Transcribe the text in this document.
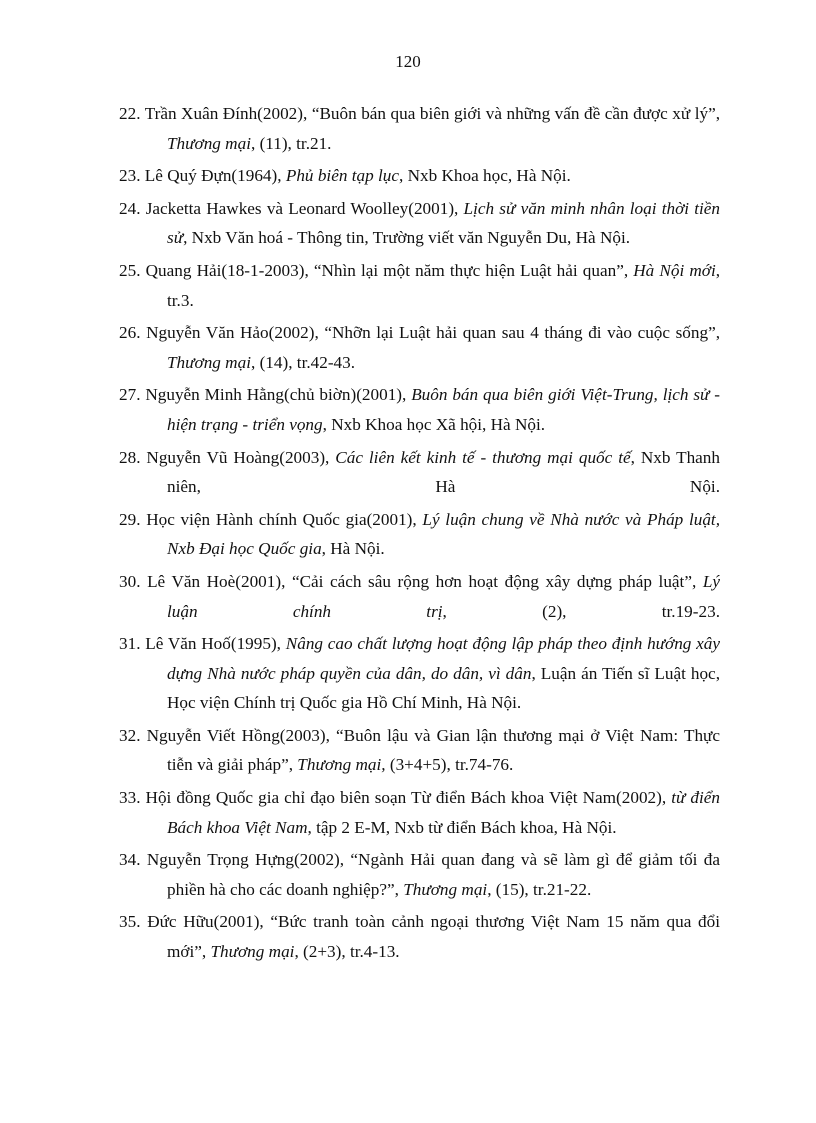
120
22. Trần Xuân Đính(2002), “Buôn bán qua biên giới và những vấn đề cần được xử lý”, Thương mại, (11), tr.21.
23. Lê Quý Đựn(1964), Phủ biên tạp lục, Nxb Khoa học, Hà Nội.
24. Jacketta Hawkes và Leonard Woolley(2001), Lịch sử văn minh nhân loại thời tiền sử, Nxb Văn hoá - Thông tin, Trường viết văn Nguyễn Du, Hà Nội.
25. Quang Hải(18-1-2003), “Nhìn lại một năm thực hiện Luật hải quan”, Hà Nội mới, tr.3.
26. Nguyễn Văn Hảo(2002), “Nhỡn lại Luật hải quan sau 4 tháng đi vào cuộc sống”, Thương mại, (14), tr.42-43.
27. Nguyễn Minh Hằng(chủ biờn)(2001), Buôn bán qua biên giới Việt-Trung, lịch sử - hiện trạng - triển vọng, Nxb Khoa học Xã hội, Hà Nội.
28. Nguyễn Vũ Hoàng(2003), Các liên kết kinh tế - thương mại quốc tế, Nxb Thanh niên, Hà Nội.
29. Học viện Hành chính Quốc gia(2001), Lý luận chung về Nhà nước và Pháp luật, Nxb Đại học Quốc gia, Hà Nội.
30. Lê Văn Hoè(2001), “Cải cách sâu rộng hơn hoạt động xây dựng pháp luật”, Lý luận chính trị, (2), tr.19-23.
31. Lê Văn Hoố(1995), Nâng cao chất lượng hoạt động lập pháp theo định hướng xây dựng Nhà nước pháp quyền của dân, do dân, vì dân, Luận án Tiến sĩ Luật học, Học viện Chính trị Quốc gia Hồ Chí Minh, Hà Nội.
32. Nguyễn Viết Hồng(2003), “Buôn lậu và Gian lận thương mại ở Việt Nam: Thực tiễn và giải pháp”, Thương mại, (3+4+5), tr.74-76.
33. Hội đồng Quốc gia chỉ đạo biên soạn Từ điển Bách khoa Việt Nam(2002), từ điển Bách khoa Việt Nam, tập 2 E-M, Nxb từ điển Bách khoa, Hà Nội.
34. Nguyễn Trọng Hựng(2002), “Ngành Hải quan đang và sẽ làm gì để giảm tối đa phiền hà cho các doanh nghiệp?”, Thương mại, (15), tr.21-22.
35. Đức Hữu(2001), “Bức tranh toàn cảnh ngoại thương Việt Nam 15 năm qua đổi mới”, Thương mại, (2+3), tr.4-13.
